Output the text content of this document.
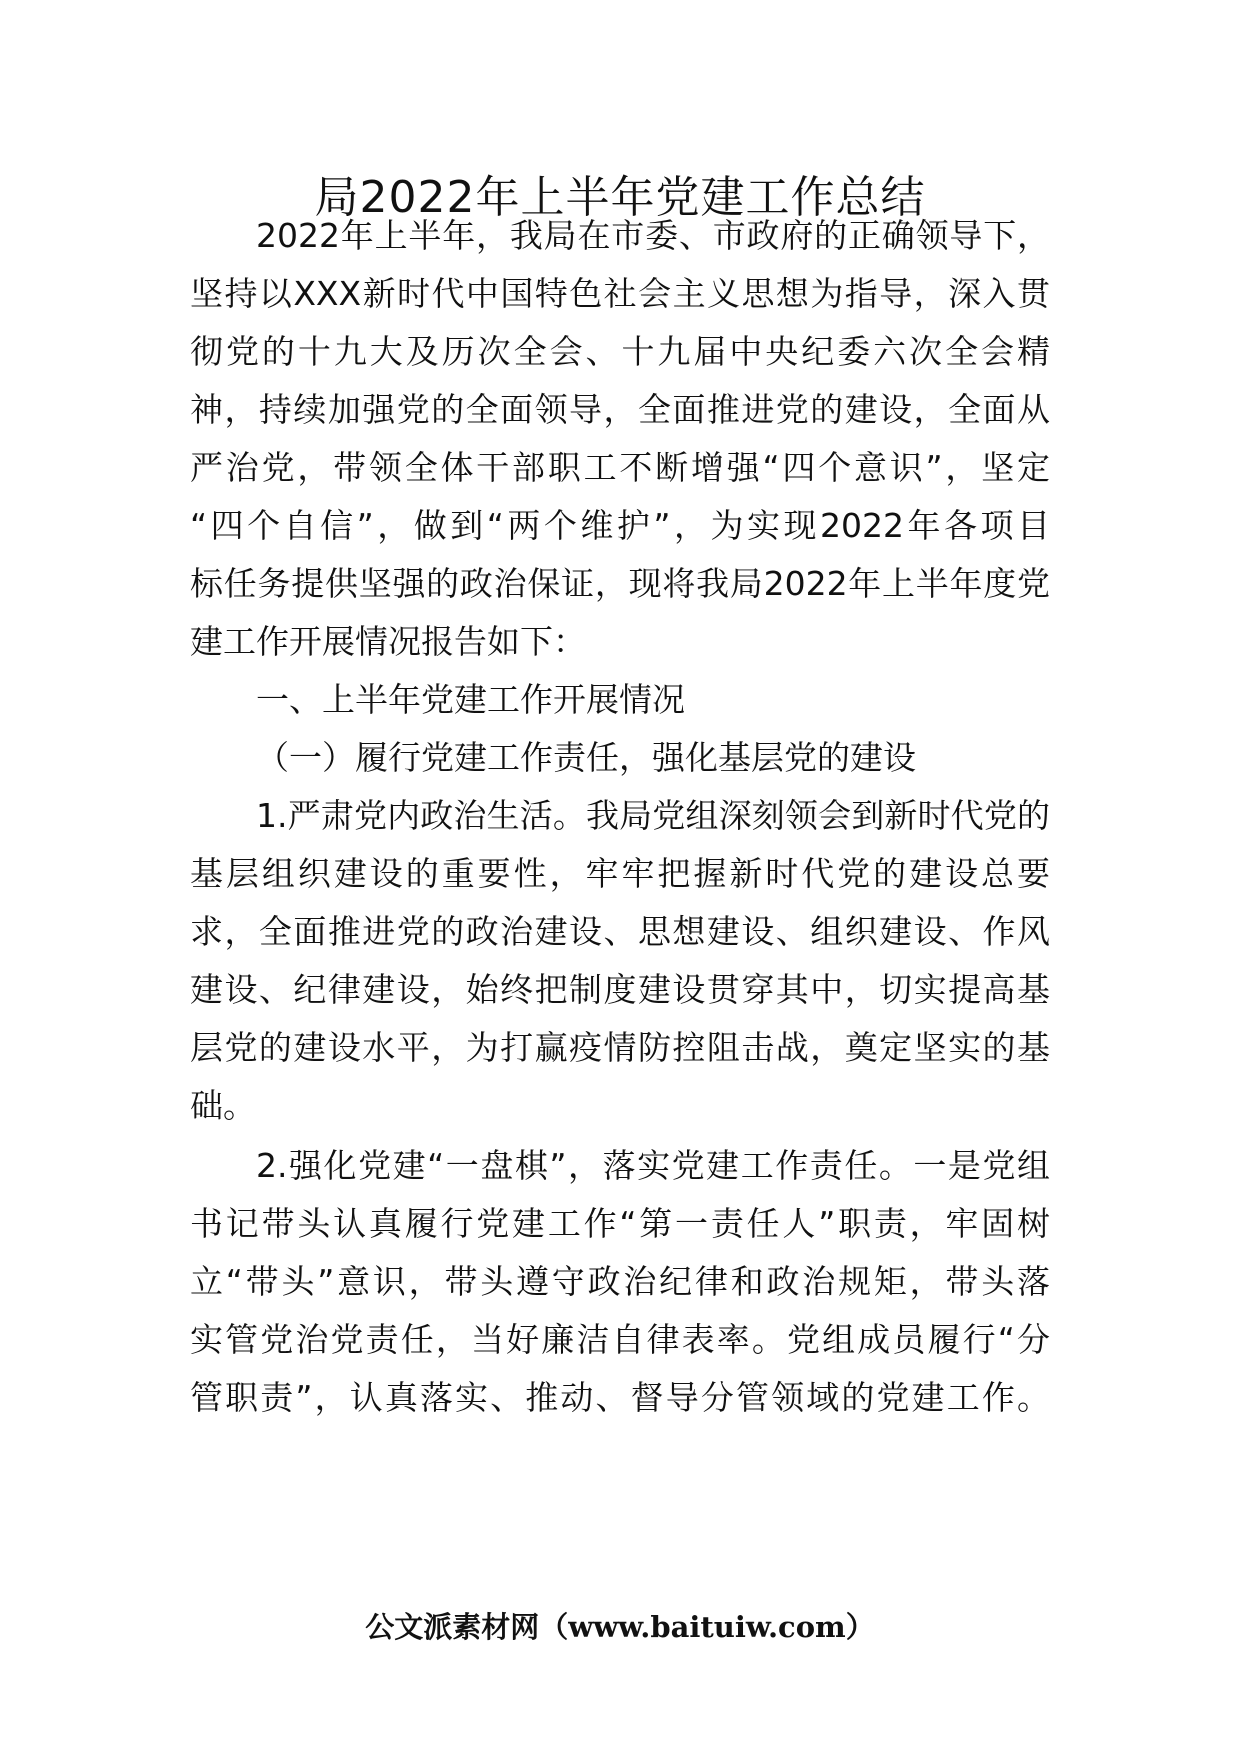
局2022年上半年党建工作总结
2022年上半年，我局在市委、市政府的正确领导下，
坚持以XXX新时代中国特色社会主义思想为指导，深入贯
彻党的十九大及历次全会、十九届中央纪委六次全会精
神，持续加强党的全面领导，全面推进党的建设，全面从
严治党，带领全体干部职工不断增强“四个意识”，坚定
“四个自信”，做到“两个维护”，为实现2022年各项目
标任务提供坚强的政治保证，现将我局2022年上半年度党
建工作开展情况报告如下：
一、上半年党建工作开展情况
（一）履行党建工作责任，强化基层党的建设
1.严肃党内政治生活。我局党组深刻领会到新时代党的
基层组织建设的重要性，牢牢把握新时代党的建设总要
求，全面推进党的政治建设、思想建设、组织建设、作风
建设、纪律建设，始终把制度建设贯穿其中，切实提高基
层党的建设水平，为打赢疫情防控阻击战，奠定坚实的基
础。
2.强化党建“一盘棋”，落实党建工作责任。一是党组
书记带头认真履行党建工作“第一责任人”职责，牢固树
立“带头”意识，带头遵守政治纪律和政治规矩，带头落
实管党治党责任，当好廉洁自律表率。党组成员履行“分
管职责”，认真落实、推动、督导分管领域的党建工作。
公文派素材网（www.baituiw.com）
